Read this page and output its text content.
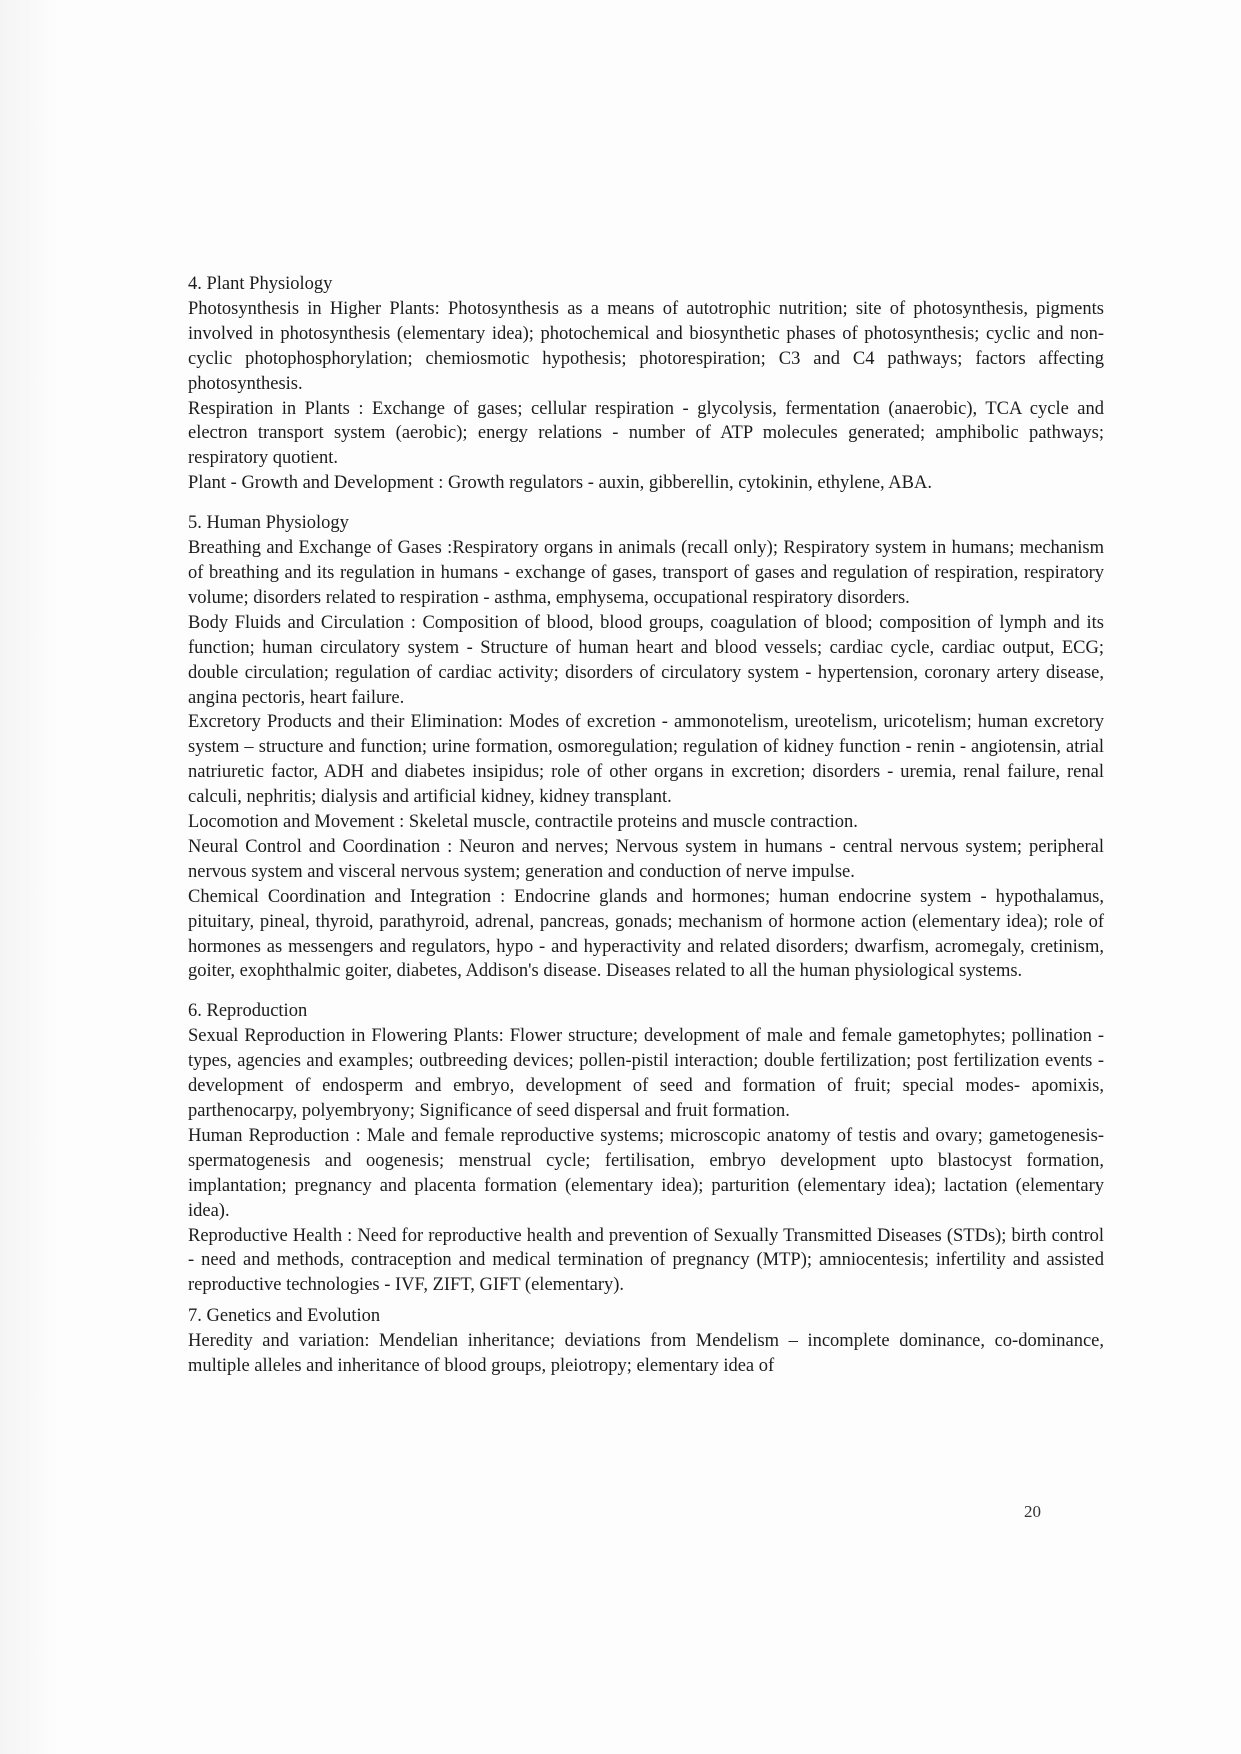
4. Plant Physiology

Photosynthesis in Higher Plants: Photosynthesis as a means of autotrophic nutrition; site of photosynthesis, pigments involved in photosynthesis (elementary idea); photochemical and biosynthetic phases of photosynthesis; cyclic and non-cyclic photophosphorylation; chemiosmotic hypothesis; photorespiration; C3 and C4 pathways; factors affecting photosynthesis.

Respiration in Plants : Exchange of gases; cellular respiration - glycolysis, fermentation (anaerobic), TCA cycle and electron transport system (aerobic); energy relations - number of ATP molecules generated; amphibolic pathways; respiratory quotient.

Plant - Growth and Development : Growth regulators - auxin, gibberellin, cytokinin, ethylene, ABA.

5. Human Physiology

Breathing and Exchange of Gases :Respiratory organs in animals (recall only); Respiratory system in humans; mechanism of breathing and its regulation in humans - exchange of gases, transport of gases and regulation of respiration, respiratory volume; disorders related to respiration - asthma, emphysema, occupational respiratory disorders.

Body Fluids and Circulation : Composition of blood, blood groups, coagulation of blood; composition of lymph and its function; human circulatory system - Structure of human heart and blood vessels; cardiac cycle, cardiac output, ECG; double circulation; regulation of cardiac activity; disorders of circulatory system - hypertension, coronary artery disease, angina pectoris, heart failure.

Excretory Products and their Elimination: Modes of excretion - ammonotelism, ureotelism, uricotelism; human excretory system – structure and function; urine formation, osmoregulation; regulation of kidney function - renin - angiotensin, atrial natriuretic factor, ADH and diabetes insipidus; role of other organs in excretion; disorders - uremia, renal failure, renal calculi, nephritis; dialysis and artificial kidney, kidney transplant.

Locomotion and Movement : Skeletal muscle, contractile proteins and muscle contraction.

Neural Control and Coordination : Neuron and nerves; Nervous system in humans - central nervous system; peripheral nervous system and visceral nervous system; generation and conduction of nerve impulse.

Chemical Coordination and Integration : Endocrine glands and hormones; human endocrine system - hypothalamus, pituitary, pineal, thyroid, parathyroid, adrenal, pancreas, gonads; mechanism of hormone action (elementary idea); role of hormones as messengers and regulators, hypo - and hyperactivity and related disorders; dwarfism, acromegaly, cretinism, goiter, exophthalmic goiter, diabetes, Addison's disease. Diseases related to all the human physiological systems.

6. Reproduction

Sexual Reproduction in Flowering Plants: Flower structure; development of male and female gametophytes; pollination - types, agencies and examples; outbreeding devices; pollen-pistil interaction; double fertilization; post fertilization events - development of endosperm and embryo, development of seed and formation of fruit; special modes- apomixis, parthenocarpy, polyembryony; Significance of seed dispersal and fruit formation.

Human Reproduction : Male and female reproductive systems; microscopic anatomy of testis and ovary; gametogenesis- spermatogenesis and oogenesis; menstrual cycle; fertilisation, embryo development upto blastocyst formation, implantation; pregnancy and placenta formation (elementary idea); parturition (elementary idea); lactation (elementary idea).

Reproductive Health : Need for reproductive health and prevention of Sexually Transmitted Diseases (STDs); birth control - need and methods, contraception and medical termination of pregnancy (MTP); amniocentesis; infertility and assisted reproductive technologies - IVF, ZIFT, GIFT (elementary).

7. Genetics and Evolution

Heredity and variation: Mendelian inheritance; deviations from Mendelism – incomplete dominance, co-dominance, multiple alleles and inheritance of blood groups, pleiotropy; elementary idea of

20
